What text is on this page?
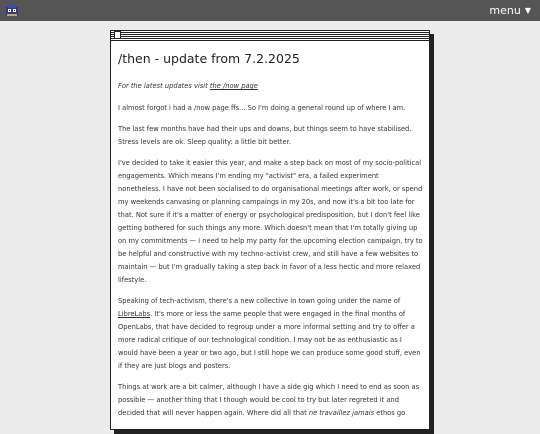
menu ▼
/then - update from 7.2.2025

For the latest updates visit the /now page

I almost forgot i had a /now page ffs... So I'm doing a general round up of where I am.

The last few months have had their ups and downs, but things seem to have stabilised. Stress levels are ok. Sleep quality: a little bit better.

I've decided to take it easier this year, and make a step back on most of my socio-political engagements. Which means I'm ending my "activist" era, a failed experiment nonetheless. I have not been socialised to do organisational meetings after work, or spend my weekends canvasing or planning campaings in my 20s, and now it's a bit too late for that. Not sure if it's a matter of energy or psychological predisposition, but I don't feel like getting bothered for such things any more. Which doesn't mean that I'm totally giving up on my commitments — i need to help my party for the upcoming election campaign, try to be helpful and constructive with my techno-activist crew, and still have a few websites to maintain — but I'm gradually taking a step back in favor of a less hectic and more relaxed lifestyle.

Speaking of tech-activism, there's a new collective in town going under the name of LibreLabs. It's more or less the same people that were engaged in the final months of OpenLabs, that have decided to regroup under a more informal setting and try to offer a more radical critique of our technological condition. I may not be as enthusiastic as I would have been a year or two ago, but I still hope we can produce some good stuff, even if they are just blogs and posters.

Things at work are a bit calmer, although I have a side gig which I need to end as soon as possible — another thing that I though would be cool to try but later regreted it and decided that will never happen again. Where did all that ne travaillez jamais ethos go
